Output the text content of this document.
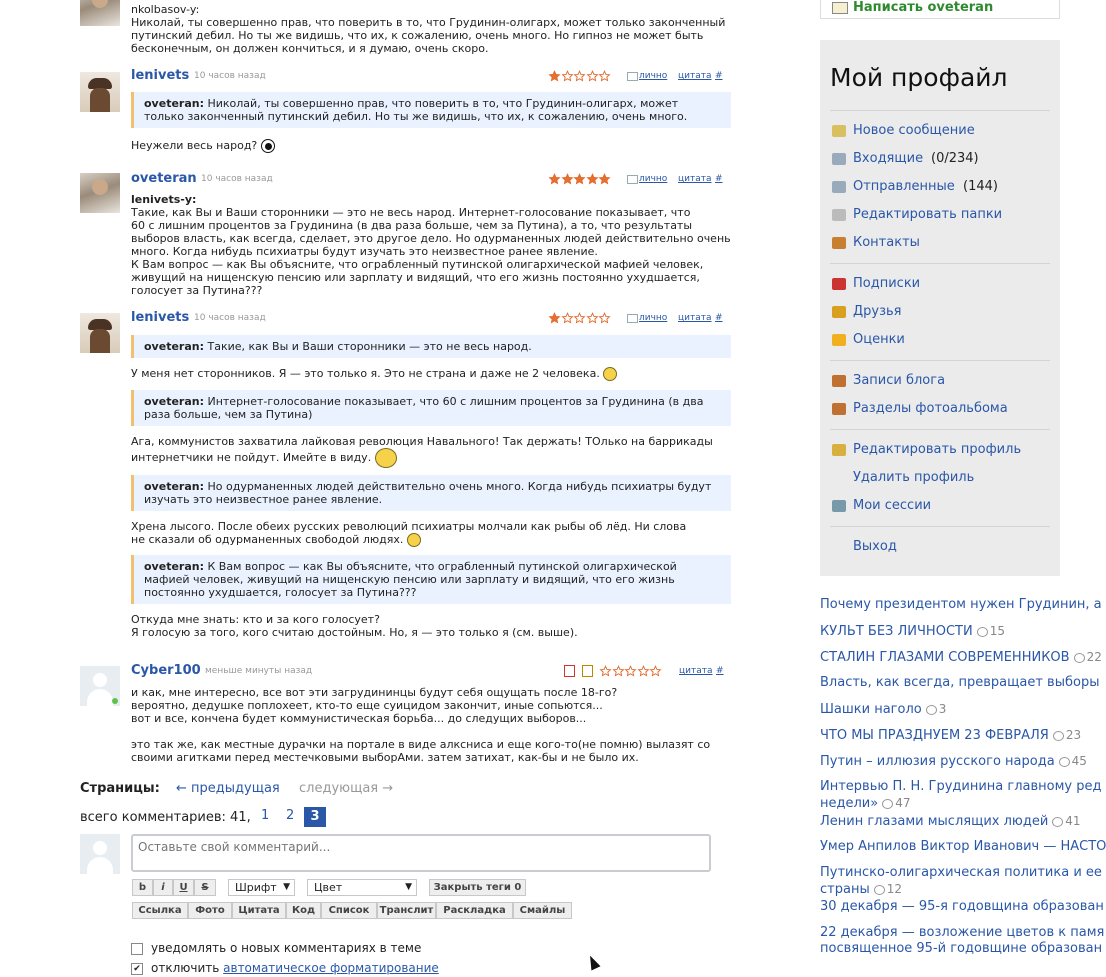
nkolbasov-y:
Николай, ты совершенно прав, что поверить в то, что Грудинин-олигарх, может только законченный путинский дебил. Но ты же видишь, что их, к сожалению, очень много. Но гипноз не может быть бесконечным, он должен кончиться, и я думаю, очень скоро.

lenivets 10 часов назад	лично цитата #
oveteran: Николай, ты совершенно прав, что поверить в то, что Грудинин-олигарх, может только законченный путинский дебил. Но ты же видишь, что их, к сожалению, очень много.

Неужели весь народ?

oveteran 10 часов назад	лично цитата #

lenivets-y:

Такие, как Вы и Ваши сторонники — это не весь народ. Интернет-голосование показывает, что
60 с лишним процентов за Грудинина (в два раза больше, чем за Путина), а то, что результаты
выборов власть, как всегда, сделает, это другое дело. Но одурманенных людей действительно очень
много. Когда нибудь психиатры будут изучать это неизвестное ранее явление.
К Вам вопрос — как Вы объясните, что ограбленный путинской олигархической мафией человек,
живущий на нищенскую пенсию или зарплату и видящий, что его жизнь постоянно ухудшается,
голосует за Путина???

lenivets 10 часов назад	лично цитата #
oveteran: Такие, как Вы и Ваши сторонники — это не весь народ.

У меня нет сторонников. Я — это только я. Это не страна и даже не 2 человека.

oveteran: Интернет-голосование показывает, что 60 с лишним процентов за Грудинина (в два раза больше, чем за Путина)

Ага, коммунистов захватила лайковая революция Навального! Так держать! ТОлько на баррикады
интернетчики не пойдут. Имейте в виду.

oveteran: Но одурманенных людей действительно очень много. Когда нибудь психиатры будут изучать это неизвестное ранее явление.

Хрена лысого. После обеих русских революций психиатры молчали как рыбы об лёд. Ни слова
не сказали об одурманенных свободой людях.

oveteran: К Вам вопрос — как Вы объясните, что ограбленный путинской олигархической мафией человек, живущий на нищенскую пенсию или зарплату и видящий, что его жизнь постоянно ухудшается, голосует за Путина???

Откуда мне знать: кто и за кого голосует?
Я голосую за того, кого считаю достойным. Но, я — это только я (см. выше).

Cyber100 меньше минуты назад	цитата #

и как, мне интересно, все вот эти загрудининцы будут себя ощущать после 18-го?
вероятно, дедушке поплохеет, кто-то еще суицидом закончит, иные сопьются...
вот и все, кончена будет коммунистическая борьба... до следущих выборов...

это так же, как местные дурачки на портале в виде алксниса и еще кого-то(не помню) вылазят со
своими агитками перед местечковыми выборАми. затем затихат, как-бы и не было их.

Страницы: ← предыдущая следующая →
всего комментариев: 41, 1 2	3
Оставьте свой комментарий...
b	i	U	S	Шрифт ▼	Цвет	▼	Закрыть теги 0
Ссылка	Фото	Цитата	Код	Список	Транслит Раскладка	Смайлы
уведомлять о новых комментариях в теме
✔ отключить автоматическое форматирование
Написать oveteran
Мой профайл
Новое сообщение
Входящие (0/234)
Отправленные (144)
Редактировать папки
Контакты
Подписки
Друзья
Оценки
Записи блога
Разделы фотоальбома
Редактировать профиль
Удалить профиль
Мои сессии
Выход
Почему президентом нужен Грудинин, а
КУЛЬТ БЕЗ ЛИЧНОСТИ 15
СТАЛИН ГЛАЗАМИ СОВРЕМЕННИКОВ 22
Власть, как всегда, превращает выборы
Шашки наголо 3
ЧТО МЫ ПРАЗДНУЕМ 23 ФЕВРАЛЯ 23
Путин – иллюзия русского народа 45
Интервью П. Н. Грудинина главному ред
недели» 47
Ленин глазами мыслящих людей 41
Умер Анпилов Виктор Иванович — НАСТО
Путинско-олигархическая политика и ее
страны 12
30 декабря — 95-я годовщина образован
22 декабря — возложение цветов к памя
посвященное 95-й годовщине образован
